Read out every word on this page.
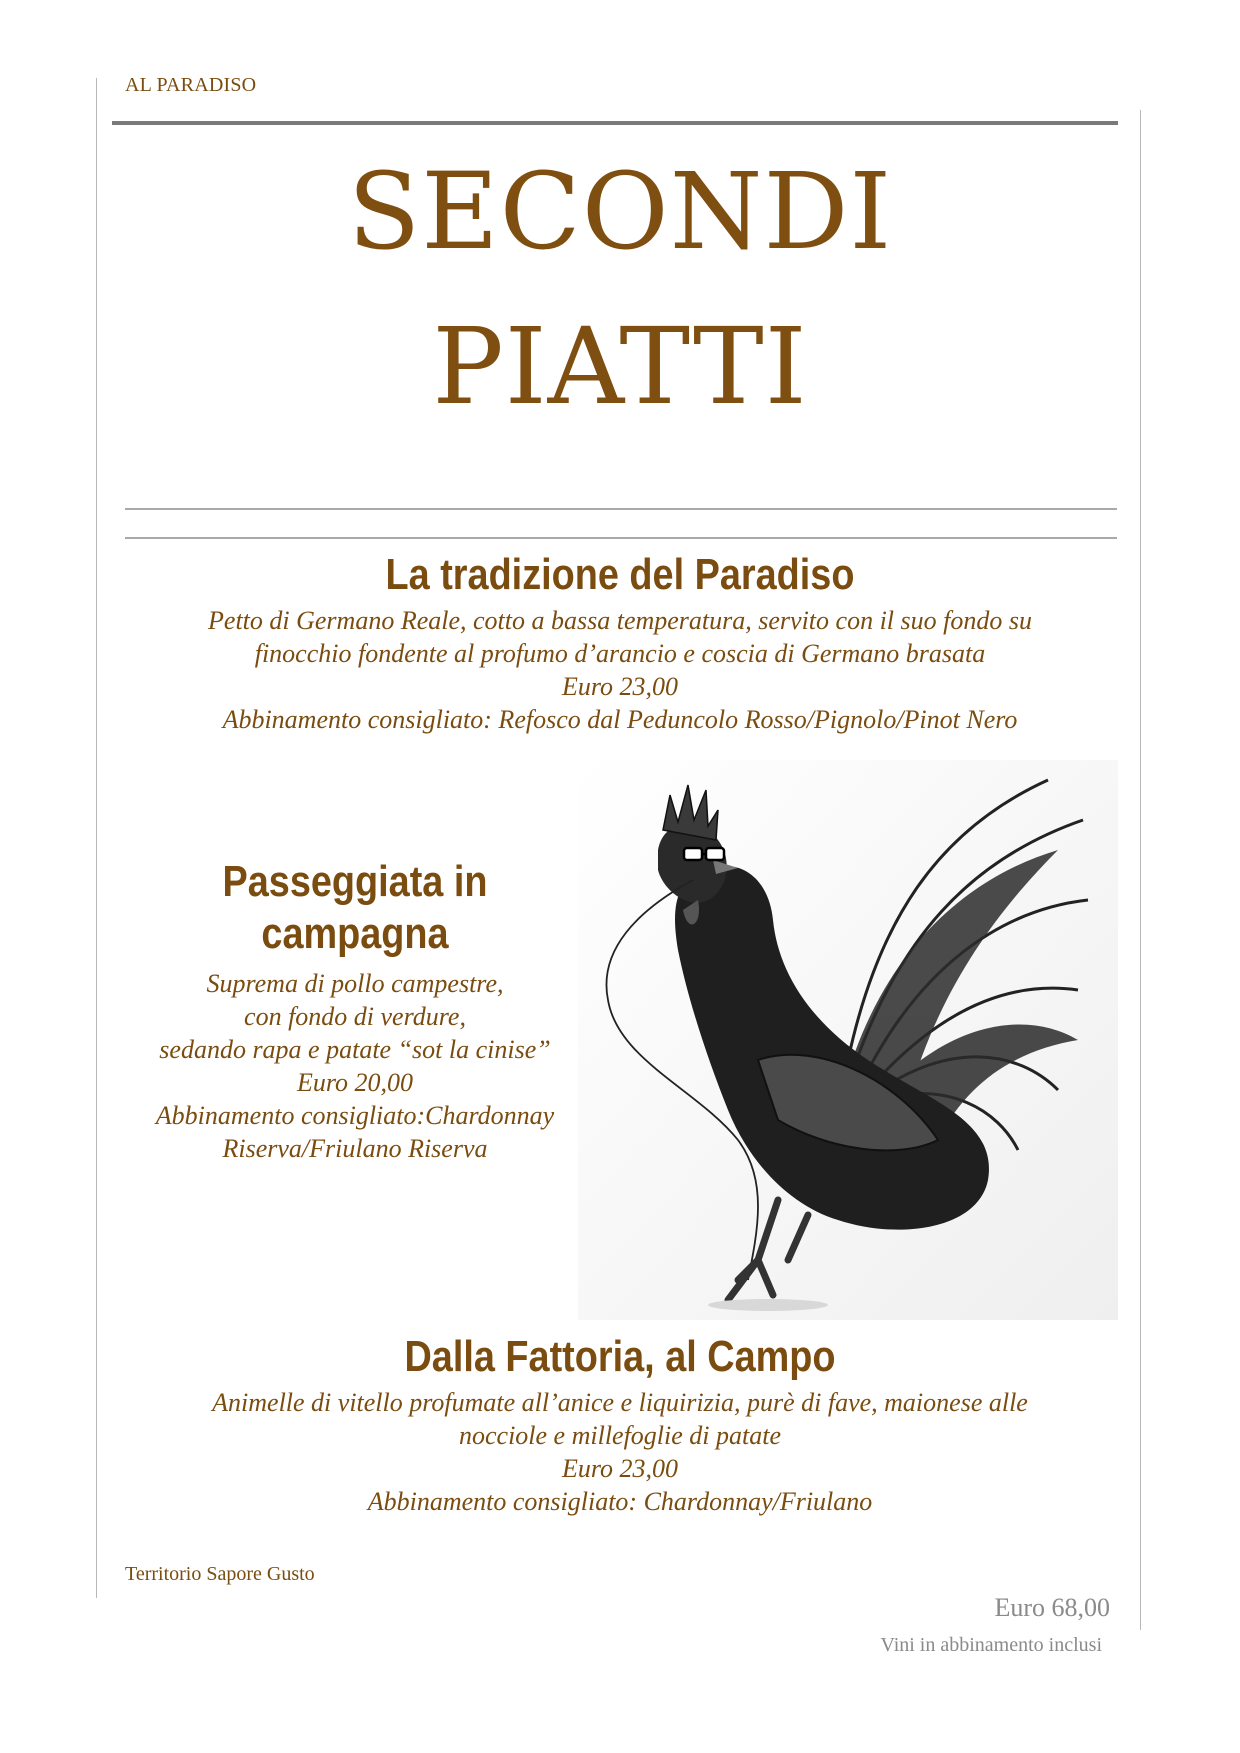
AL PARADISO
SECONDI
PIATTI
La tradizione del Paradiso
Petto di Germano Reale, cotto a bassa temperatura, servito con il suo fondo su
finocchio fondente al profumo d’arancio e coscia di Germano brasata
Euro 23,00
Abbinamento consigliato: Refosco dal Peduncolo Rosso/Pignolo/Pinot Nero
Passeggiata in
campagna
Suprema di pollo campestre,
con fondo di verdure,
sedando rapa e patate “sot la cinise”
Euro 20,00
Abbinamento consigliato:Chardonnay
Riserva/Friulano Riserva
Dalla Fattoria, al Campo
Animelle di vitello profumate all’anice e liquirizia, purè di fave, maionese alle
nocciole e millefoglie di patate
Euro 23,00
Abbinamento consigliato: Chardonnay/Friulano
Territorio Sapore Gusto
Euro 68,00
Vini in abbinamento inclusi
